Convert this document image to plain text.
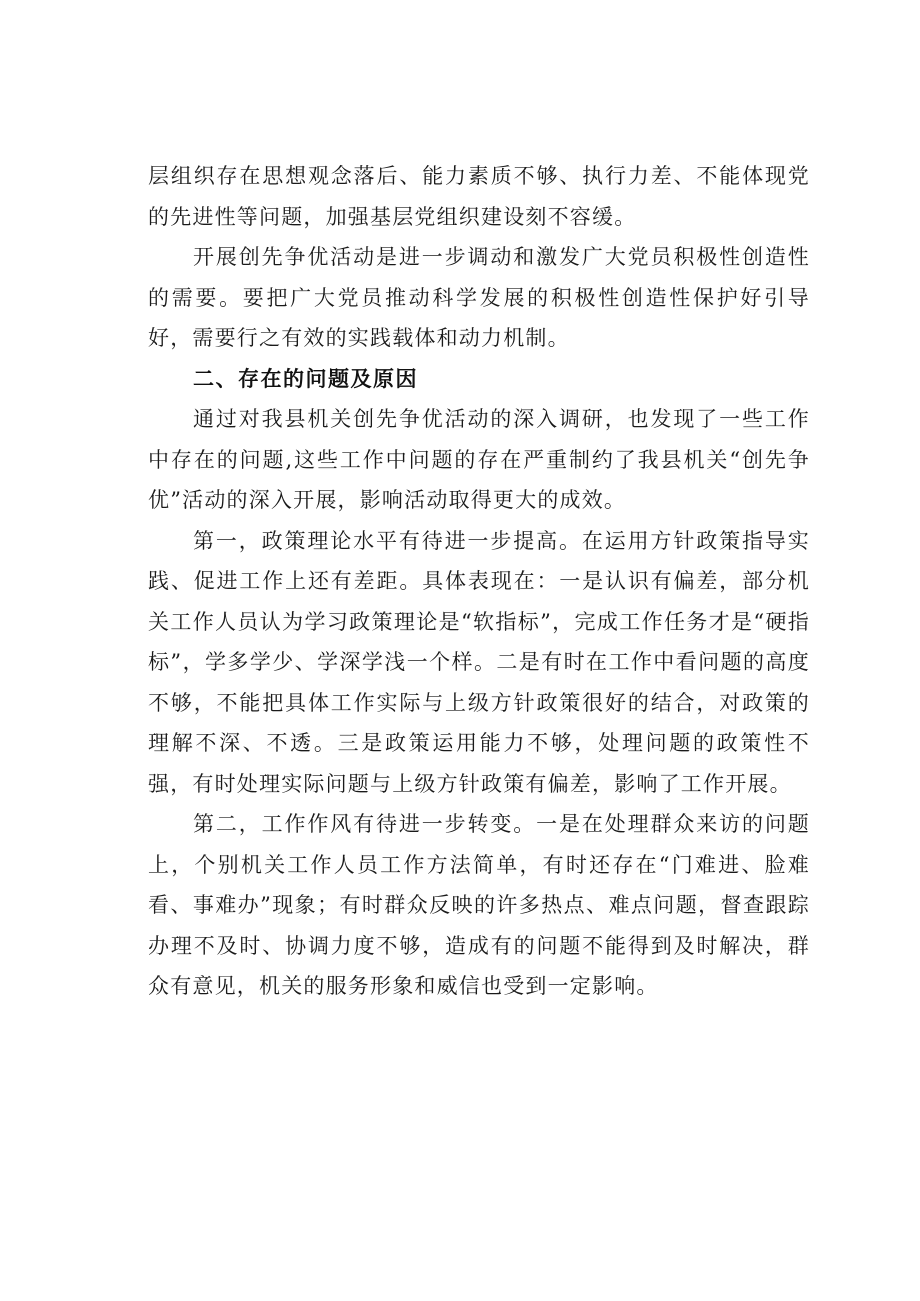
层组织存在思想观念落后、能力素质不够、执行力差、不能体现党的先进性等问题，加强基层党组织建设刻不容缓。

开展创先争优活动是进一步调动和激发广大党员积极性创造性的需要。要把广大党员推动科学发展的积极性创造性保护好引导好，需要行之有效的实践载体和动力机制。

二、存在的问题及原因

通过对我县机关创先争优活动的深入调研，也发现了一些工作中存在的问题,这些工作中问题的存在严重制约了我县机关“创先争优”活动的深入开展，影响活动取得更大的成效。

第一，政策理论水平有待进一步提高。在运用方针政策指导实践、促进工作上还有差距。具体表现在：一是认识有偏差，部分机关工作人员认为学习政策理论是“软指标”，完成工作任务才是“硬指标”，学多学少、学深学浅一个样。二是有时在工作中看问题的高度不够，不能把具体工作实际与上级方针政策很好的结合，对政策的理解不深、不透。三是政策运用能力不够，处理问题的政策性不强，有时处理实际问题与上级方针政策有偏差，影响了工作开展。

第二，工作作风有待进一步转变。一是在处理群众来访的问题上，个别机关工作人员工作方法简单，有时还存在“门难进、脸难看、事难办”现象；有时群众反映的许多热点、难点问题，督查跟踪办理不及时、协调力度不够，造成有的问题不能得到及时解决，群众有意见，机关的服务形象和威信也受到一定影响。
